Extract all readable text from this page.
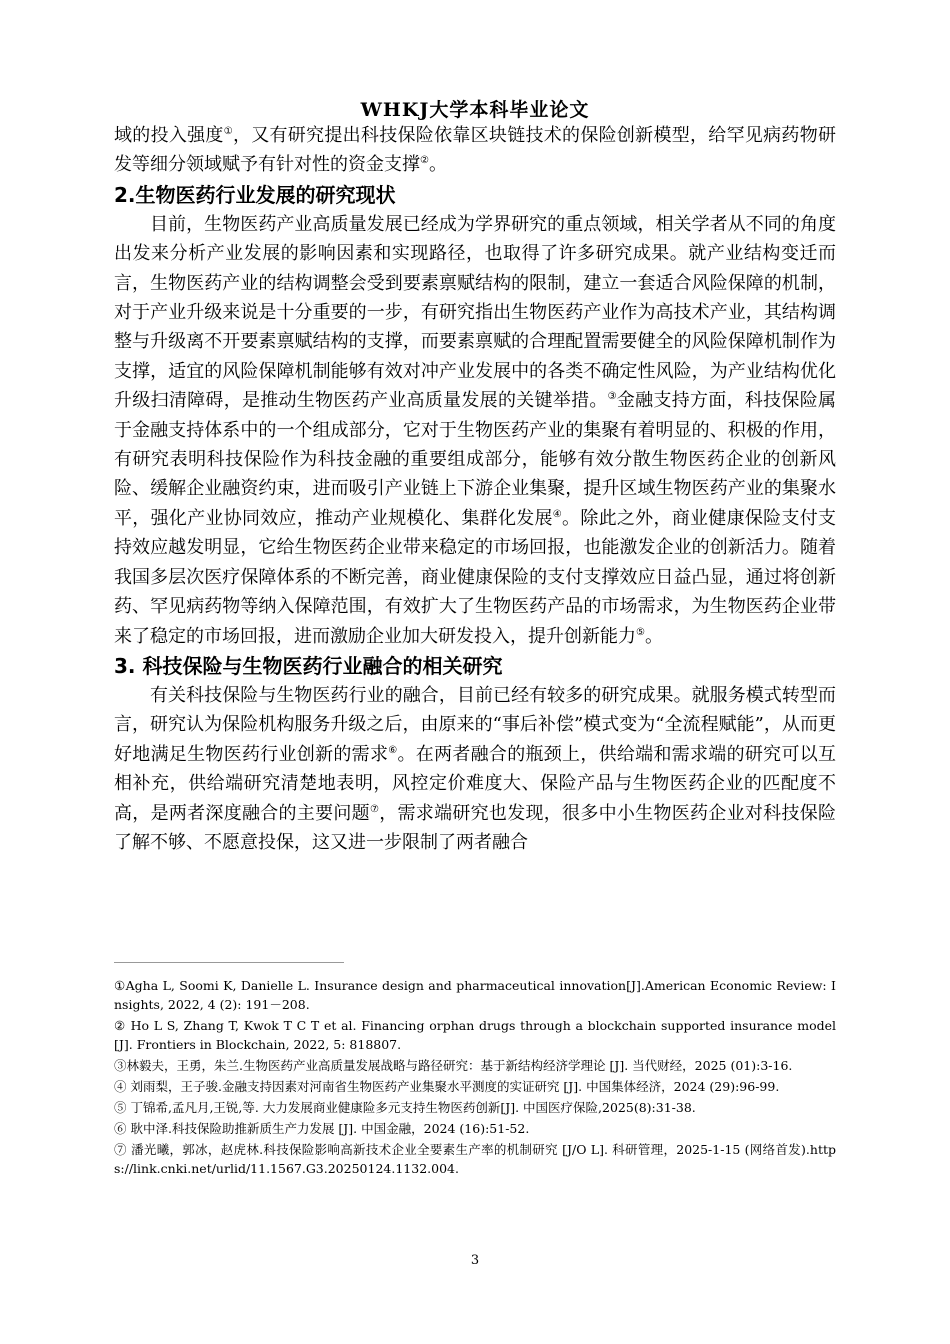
WHKJ大学本科毕业论文

域的投入强度①，又有研究提出科技保险依靠区块链技术的保险创新模型，给罕见病药物研发等细分领域赋予有针对性的资金支撑②。

2.生物医药行业发展的研究现状

目前，生物医药产业高质量发展已经成为学界研究的重点领域，相关学者从不同的角度出发来分析产业发展的影响因素和实现路径，也取得了许多研究成果。就产业结构变迁而言，生物医药产业的结构调整会受到要素禀赋结构的限制，建立一套适合风险保障的机制，对于产业升级来说是十分重要的一步，有研究指出生物医药产业作为高技术产业，其结构调整与升级离不开要素禀赋结构的支撑，而要素禀赋的合理配置需要健全的风险保障机制作为支撑，适宜的风险保障机制能够有效对冲产业发展中的各类不确定性风险，为产业结构优化升级扫清障碍，是推动生物医药产业高质量发展的关键举措。③金融支持方面，科技保险属于金融支持体系中的一个组成部分，它对于生物医药产业的集聚有着明显的、积极的作用，有研究表明科技保险作为科技金融的重要组成部分，能够有效分散生物医药企业的创新风险、缓解企业融资约束，进而吸引产业链上下游企业集聚，提升区域生物医药产业的集聚水平，强化产业协同效应，推动产业规模化、集群化发展④。除此之外，商业健康保险支付支持效应越发明显，它给生物医药企业带来稳定的市场回报，也能激发企业的创新活力。随着我国多层次医疗保障体系的不断完善，商业健康保险的支付支撑效应日益凸显，通过将创新药、罕见病药物等纳入保障范围，有效扩大了生物医药产品的市场需求，为生物医药企业带来了稳定的市场回报，进而激励企业加大研发投入，提升创新能力⑤。

3. 科技保险与生物医药行业融合的相关研究

有关科技保险与生物医药行业的融合，目前已经有较多的研究成果。就服务模式转型而言，研究认为保险机构服务升级之后，由原来的“事后补偿”模式变为“全流程赋能”，从而更好地满足生物医药行业创新的需求⑥。在两者融合的瓶颈上，供给端和需求端的研究可以互相补充，供给端研究清楚地表明，风控定价难度大、保险产品与生物医药企业的匹配度不高，是两者深度融合的主要问题⑦，需求端研究也发现，很多中小生物医药企业对科技保险了解不够、不愿意投保，这又进一步限制了两者融合

①Agha L, Soomi K, Danielle L. Insurance design and pharmaceutical innovation[J].American Economic Review: Insights, 2022, 4 (2): 191－208.

② Ho L S, Zhang T, Kwok T C T et al. Financing orphan drugs through a blockchain supported insurance model[J]. Frontiers in Blockchain, 2022, 5: 818807.

③林毅夫，王勇，朱兰.生物医药产业高质量发展战略与路径研究：基于新结构经济学理论 [J]. 当代财经，2025 (01):3-16.

④ 刘雨梨，王子骏.金融支持因素对河南省生物医药产业集聚水平测度的实证研究 [J]. 中国集体经济，2024 (29):96-99.

⑤ 丁锦希,孟凡月,王锐,等. 大力发展商业健康险多元支持生物医药创新[J]. 中国医疗保险,2025(8):31-38.

⑥ 耿中泽.科技保险助推新质生产力发展 [J]. 中国金融，2024 (16):51-52.

⑦ 潘光曦，郭冰，赵虎林.科技保险影响高新技术企业全要素生产率的机制研究 [J/O L]. 科研管理，2025-1-15 (网络首发).https://link.cnki.net/urlid/11.1567.G3.20250124.1132.004.

3
